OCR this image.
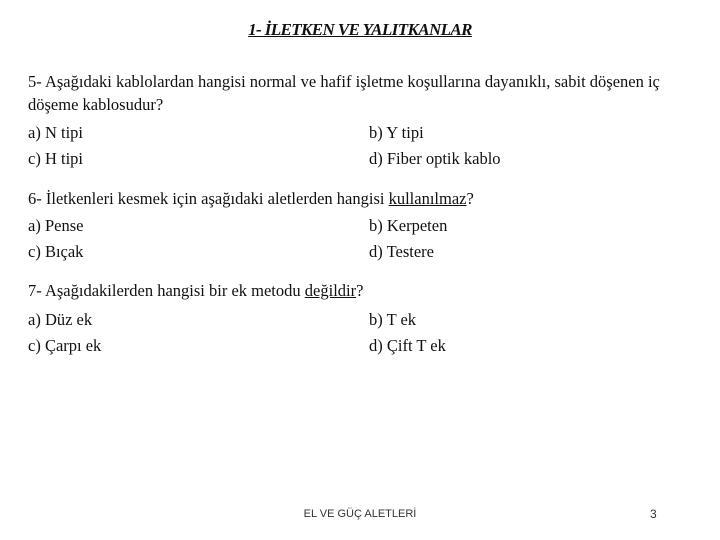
1- İLETKEN VE YALITKANLAR
5- Aşağıdaki kablolardan hangisi normal ve hafif işletme koşullarına dayanıklı, sabit döşenen iç döşeme kablosudur?
a) N tipi	b) Y tipi
c) H tipi	d) Fiber optik kablo
6- İletkenleri kesmek için aşağıdaki aletlerden hangisi kullanılmaz?
a) Pense	b) Kerpeten
c) Bıçak	d) Testere
7- Aşağıdakilerden hangisi bir ek metodu değildir?
a) Düz ek	b) T ek
c) Çarpı ek	d) Çift T ek
EL VE GÜÇ ALETLERİ	3
